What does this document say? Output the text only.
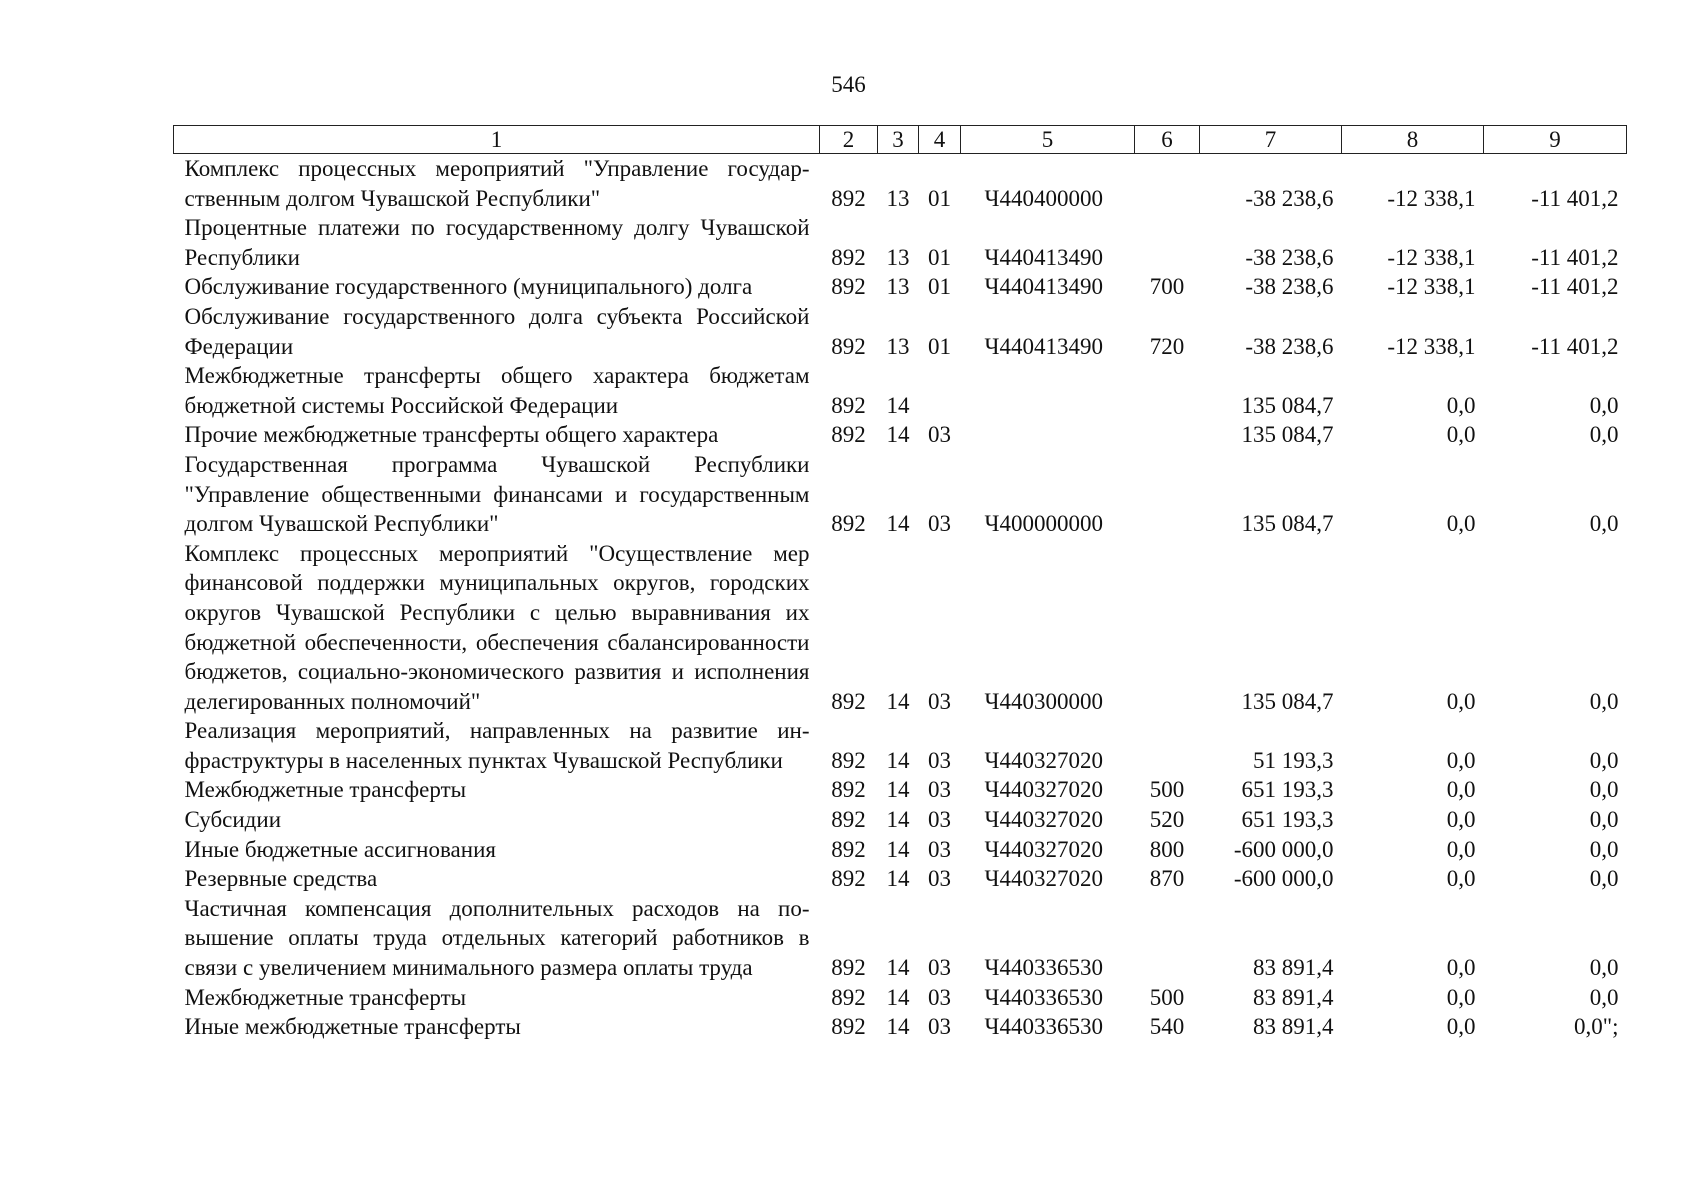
546
1	2	3	4	5	6	7	8	9
Комплекс процессных мероприятий "Управление государственным долгом Чувашской Республики"	892	13	01	Ч440400000		-38 238,6	-12 338,1	-11 401,2
Процентные платежи по государственному долгу Чувашской Республики	892	13	01	Ч440413490		-38 238,6	-12 338,1	-11 401,2
Обслуживание государственного (муниципального) долга	892	13	01	Ч440413490	700	-38 238,6	-12 338,1	-11 401,2
Обслуживание государственного долга субъекта Российской Федерации	892	13	01	Ч440413490	720	-38 238,6	-12 338,1	-11 401,2
Межбюджетные трансферты общего характера бюджетам бюджетной системы Российской Федерации	892	14				135 084,7	0,0	0,0
Прочие межбюджетные трансферты общего характера	892	14	03			135 084,7	0,0	0,0
Государственная программа Чувашской Республики "Управление общественными финансами и государственным долгом Чувашской Республики"	892	14	03	Ч400000000		135 084,7	0,0	0,0
Комплекс процессных мероприятий "Осуществление мер финансовой поддержки муниципальных округов, городских округов Чувашской Республики с целью выравнивания их бюджетной обеспеченности, обеспечения сбалансированности бюджетов, социально-экономического развития и исполнения делегированных полномочий"	892	14	03	Ч440300000		135 084,7	0,0	0,0
Реализация мероприятий, направленных на развитие инфраструктуры в населенных пунктах Чувашской Республики	892	14	03	Ч440327020		51 193,3	0,0	0,0
Межбюджетные трансферты	892	14	03	Ч440327020	500	651 193,3	0,0	0,0
Субсидии	892	14	03	Ч440327020	520	651 193,3	0,0	0,0
Иные бюджетные ассигнования	892	14	03	Ч440327020	800	-600 000,0	0,0	0,0
Резервные средства	892	14	03	Ч440327020	870	-600 000,0	0,0	0,0
Частичная компенсация дополнительных расходов на повышение оплаты труда отдельных категорий работников в связи с увеличением минимального размера оплаты труда	892	14	03	Ч440336530		83 891,4	0,0	0,0
Межбюджетные трансферты	892	14	03	Ч440336530	500	83 891,4	0,0	0,0
Иные межбюджетные трансферты	892	14	03	Ч440336530	540	83 891,4	0,0	0,0";
